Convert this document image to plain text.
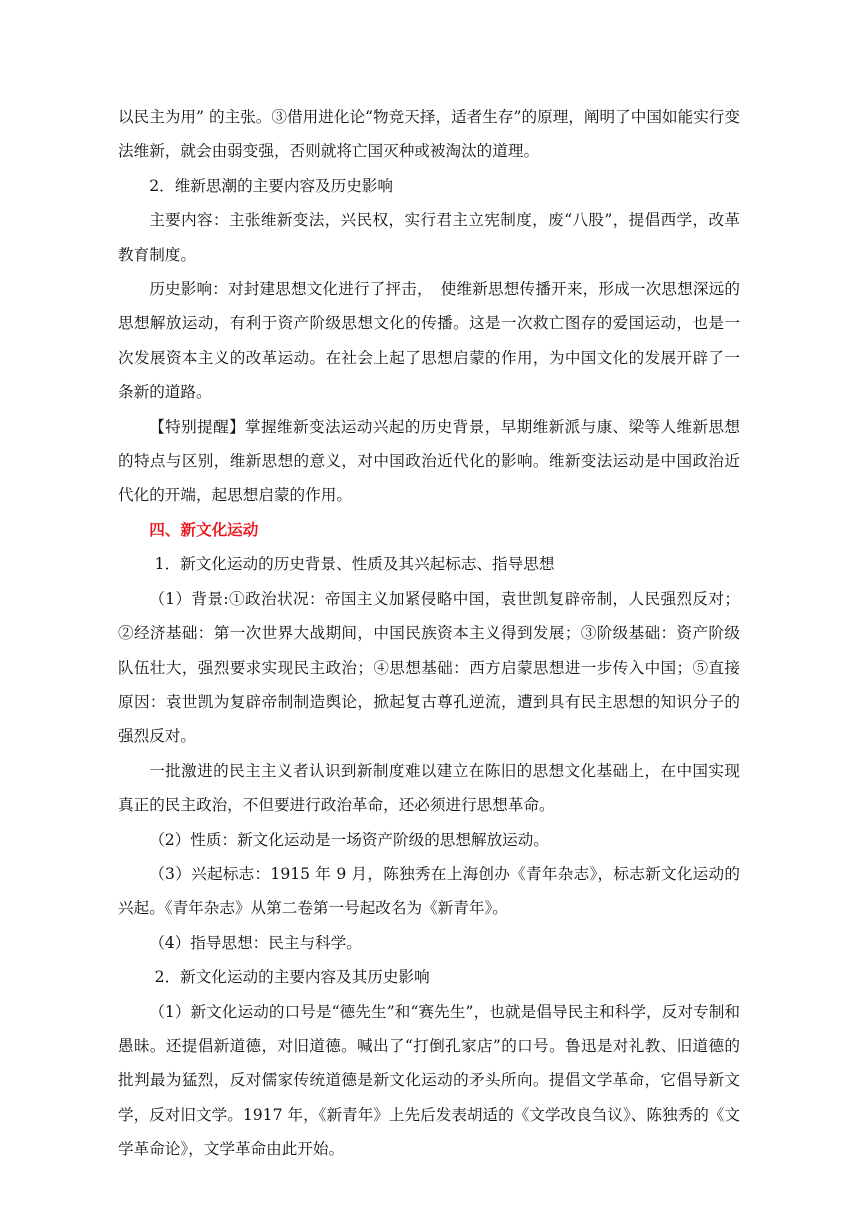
以民主为用” 的主张。③借用进化论“物竞天择，适者生存”的原理，阐明了中国如能实行变法维新，就会由弱变强，否则就将亡国灭种或被淘汰的道理。

2．维新思潮的主要内容及历史影响

主要内容：主张维新变法，兴民权，实行君主立宪制度，废“八股”，提倡西学，改革教育制度。

历史影响：对封建思想文化进行了抨击，　使维新思想传播开来，形成一次思想深远的思想解放运动，有利于资产阶级思想文化的传播。这是一次救亡图存的爱国运动，也是一次发展资本主义的改革运动。在社会上起了思想启蒙的作用，为中国文化的发展开辟了一条新的道路。

【特别提醒】掌握维新变法运动兴起的历史背景，早期维新派与康、梁等人维新思想的特点与区别，维新思想的意义，对中国政治近代化的影响。维新变法运动是中国政治近代化的开端，起思想启蒙的作用。

四、新文化运动

1．新文化运动的历史背景、性质及其兴起标志、指导思想

（1）背景:①政治状况：帝国主义加紧侵略中国，袁世凯复辟帝制，人民强烈反对；②经济基础：第一次世界大战期间，中国民族资本主义得到发展；③阶级基础：资产阶级队伍壮大，强烈要求实现民主政治；④思想基础：西方启蒙思想进一步传入中国；⑤直接原因：袁世凯为复辟帝制制造舆论，掀起复古尊孔逆流，遭到具有民主思想的知识分子的强烈反对。

一批激进的民主主义者认识到新制度难以建立在陈旧的思想文化基础上，在中国实现真正的民主政治，不但要进行政治革命，还必须进行思想革命。

（2）性质：新文化运动是一场资产阶级的思想解放运动。

（3）兴起标志：1915 年 9 月，陈独秀在上海创办《青年杂志》，标志新文化运动的兴起。《青年杂志》从第二卷第一号起改名为《新青年》。

（4）指导思想：民主与科学。

2．新文化运动的主要内容及其历史影响

（1）新文化运动的口号是“德先生”和“赛先生”，也就是倡导民主和科学，反对专制和愚昧。还提倡新道德，对旧道德。喊出了“打倒孔家店”的口号。鲁迅是对礼教、旧道德的批判最为猛烈，反对儒家传统道德是新文化运动的矛头所向。提倡文学革命，它倡导新文学，反对旧文学。1917 年，《新青年》上先后发表胡适的《文学改良刍议》、陈独秀的《文学革命论》，文学革命由此开始。
